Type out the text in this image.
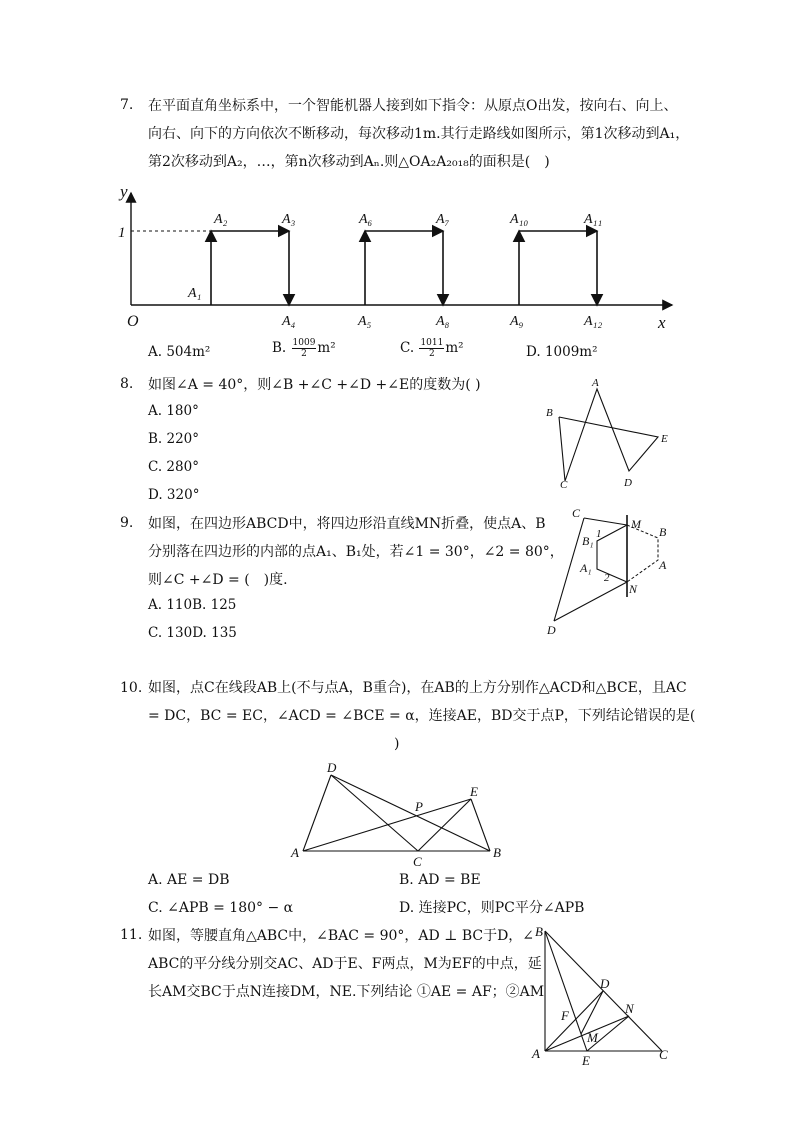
7. 在平面直角坐标系中，一个智能机器人接到如下指令：从原点O出发，按向右、向上、
向右、向下的方向依次不断移动，每次移动1m.其行走路线如图所示，第1次移动到A₁，
第2次移动到A₂，…，第n次移动到Aₙ.则△OA₂A₂₀₁₈的面积是(　)
y
x
O
1
A₂	A₃	A₆	A₇	A₁₀	A₁₁
A₁
A₄	A₅	A₈	A₉	A₁₂
A. 504m²	B. $\frac{1009}{2} m^2$	C. $\frac{1011}{2} m^2$	D. 1009m²
8. 如图∠A = 40°，则∠B +∠C +∠D +∠E的度数为( )
A. 180°
B. 220°
C. 280°
D. 320°
A
B
C	D
E
9. 如图，在四边形ABCD中，将四边形沿直线MN折叠，使点A、B
分别落在四边形的内部的点A₁、B₁处，若∠1 = 30°，∠2 = 80°，
则∠C +∠D = (　)度.
A. 110B. 125
C. 130D. 135
C
M
B
B₁ 1
A₁	A
2
N
D
10. 如图，点C在线段AB上(不与点A，B重合)，在AB的上方分别作△ACD和△BCE，且AC
= DC，BC = EC，∠ACD = ∠BCE = α，连接AE，BD交于点P，下列结论错误的是(
)
D
P
E
A
C
B
A. AE = DB	B. AD = BE
C. ∠APB = 180° − α	D. 连接PC，则PC平分∠APB
11. 如图，等腰直角△ABC中，∠BAC = 90°，AD ⊥ BC于D，∠
ABC的平分线分别交AC、AD于E、F两点，M为EF的中点，延
长AM交BC于点N连接DM，NE.下列结论 ①AE = AF；②AM
B
D
N
F
M
A	E	C
